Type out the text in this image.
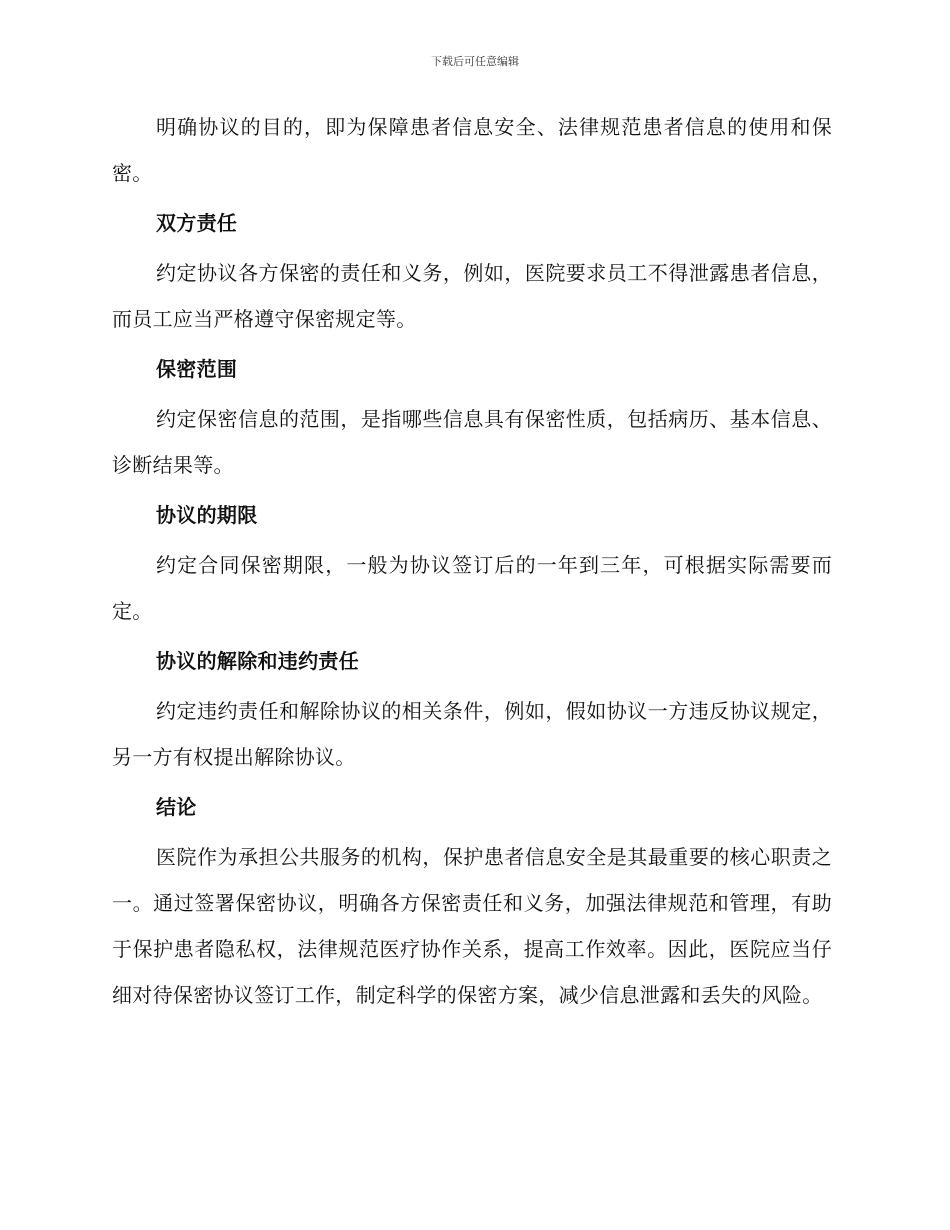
下载后可任意编辑

明确协议的目的，即为保障患者信息安全、法律规范患者信息的使用和保密。

双方责任

约定协议各方保密的责任和义务，例如，医院要求员工不得泄露患者信息，而员工应当严格遵守保密规定等。

保密范围

约定保密信息的范围，是指哪些信息具有保密性质，包括病历、基本信息、诊断结果等。

协议的期限

约定合同保密期限，一般为协议签订后的一年到三年，可根据实际需要而定。

协议的解除和违约责任

约定违约责任和解除协议的相关条件，例如，假如协议一方违反协议规定，另一方有权提出解除协议。

结论

医院作为承担公共服务的机构，保护患者信息安全是其最重要的核心职责之一。通过签署保密协议，明确各方保密责任和义务，加强法律规范和管理，有助于保护患者隐私权，法律规范医疗协作关系，提高工作效率。因此，医院应当仔细对待保密协议签订工作，制定科学的保密方案，减少信息泄露和丢失的风险。
